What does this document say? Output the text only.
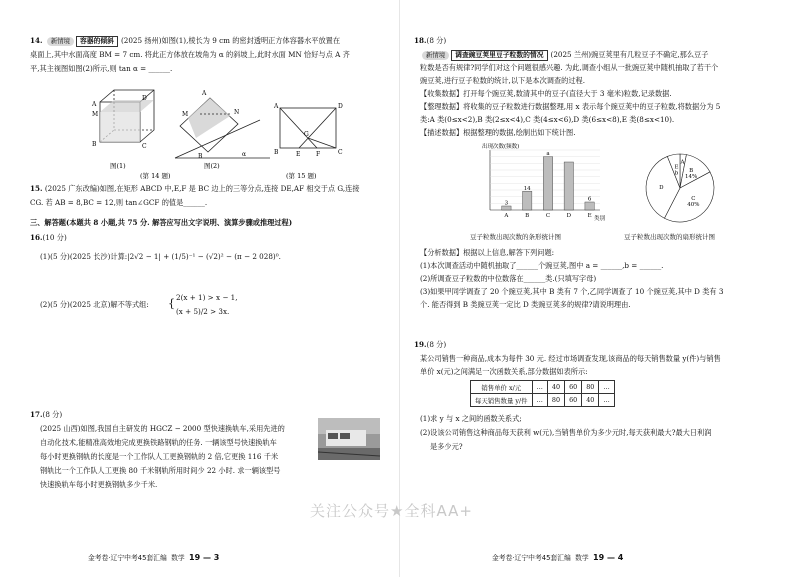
14. 新情境 容器的倾斜 (2025 扬州)如图(1),棱长为 9 cm 的密封透明正方体容器水平放置在
桌面上,其中水面高度 BM = 7 cm. 将此正方体放在坡角为 α 的斜坡上,此时水面 MN 恰好与点 A 齐
平,其主视图如图(2)所示,则 tan α = ______.
A
M
B	C
D
图(1)
A
M	N
B	α
图(2)
(第 14 题)
A	D
B	C
E	F
G
(第 15 题)
15. (2025 广东改编)如图,在矩形 ABCD 中,E,F 是 BC 边上的三等分点,连接 DE,AF 相交于点 G,连接
CG. 若 AB = 8,BC = 12,则 tan∠GCF 的值是______.
三、解答题(本题共 8 小题,共 75 分. 解答应写出文字说明、演算步骤或推理过程)
16.(10 分)
(1)(5 分)(2025 长沙)计算:|2√2 − 1| + (1/5)⁻¹ − (√2)² − (π − 2 028)⁰.
(2)(5 分)(2025 北京)解不等式组: { 2(x + 1) > x − 1,
(x + 5)/2 > 3x.
17.(8 分)
(2025 山西)如图,我国自主研发的 HGCZ − 2000 型快速换轨车,采用先进的
自动化技术,能精准高效地完成更换铁路钢轨的任务. 一辆该型号快速换轨车
每小时更换钢轨的长度是一个工作队人工更换钢轨的 2 倍,它更换 116 千米
钢轨比一个工作队人工更换 80 千米钢轨所用时间少 22 小时. 求一辆该型号
快速换轨车每小时更换钢轨多少千米.
金考卷·辽宁中考45套汇编 数学 19 — 3
18.(8 分)
新情境 调查豌豆荚里豆子粒数的情况 (2025 兰州)豌豆荚里有几粒豆子不确定,那么豆子
粒数是否有规律?同学们对这个问题很感兴趣. 为此,调查小组从一批豌豆荚中随机抽取了若干个
豌豆荚,进行豆子粒数的统计,以下是本次调查的过程.
【收集数据】打开每个豌豆荚,数清其中的豆子(直径大于 3 毫米)粒数,记录数据.
【整理数据】将收集的豆子粒数进行数据整理,用 x 表示每个豌豆荚中的豆子粒数,将数据分为 5
类:A 类(0≤x<2),B 类(2≤x<4),C 类(4≤x<6),D 类(6≤x<8),E 类(8≤x<10).
【描述数据】根据整理的数据,绘制出如下统计图.
出现次数(频数)
类别
A
3
B
14
C
a
D	E
6
豆子粒数出现次数的条形统计图
A
B
14%
C
40%
D
E
b
豆子粒数出现次数的扇形统计图
【分析数据】根据以上信息,解答下列问题:
(1)本次调查活动中随机抽取了______个豌豆荚,图中 a = ______,b = ______.
(2)所调查豆子粒数的中位数落在______类.(只填写字母)
(3)如果甲同学调查了 20 个豌豆荚,其中 B 类有 7 个,乙同学调查了 10 个豌豆荚,其中 D 类有 3
个. 能否得到 B 类豌豆荚一定比 D 类豌豆荚多的规律?请说明理由.
19.(8 分)
某公司销售一种商品,成本为每件 30 元. 经过市场调查发现,该商品的每天销售数量 y(件)与销售
单价 x(元)之间满足一次函数关系,部分数据如表所示:
销售单价 x/元	…	40	60	80	…
每天销售数量 y/件	…	80	60	40	…
(1)求 y 与 x 之间的函数关系式;
(2)设该公司销售这种商品每天获利 w(元),当销售单价为多少元时,每天获利最大?最大日利润
是多少元?
金考卷·辽宁中考45套汇编 数学 19 — 4
关注公众号★全科AA+
